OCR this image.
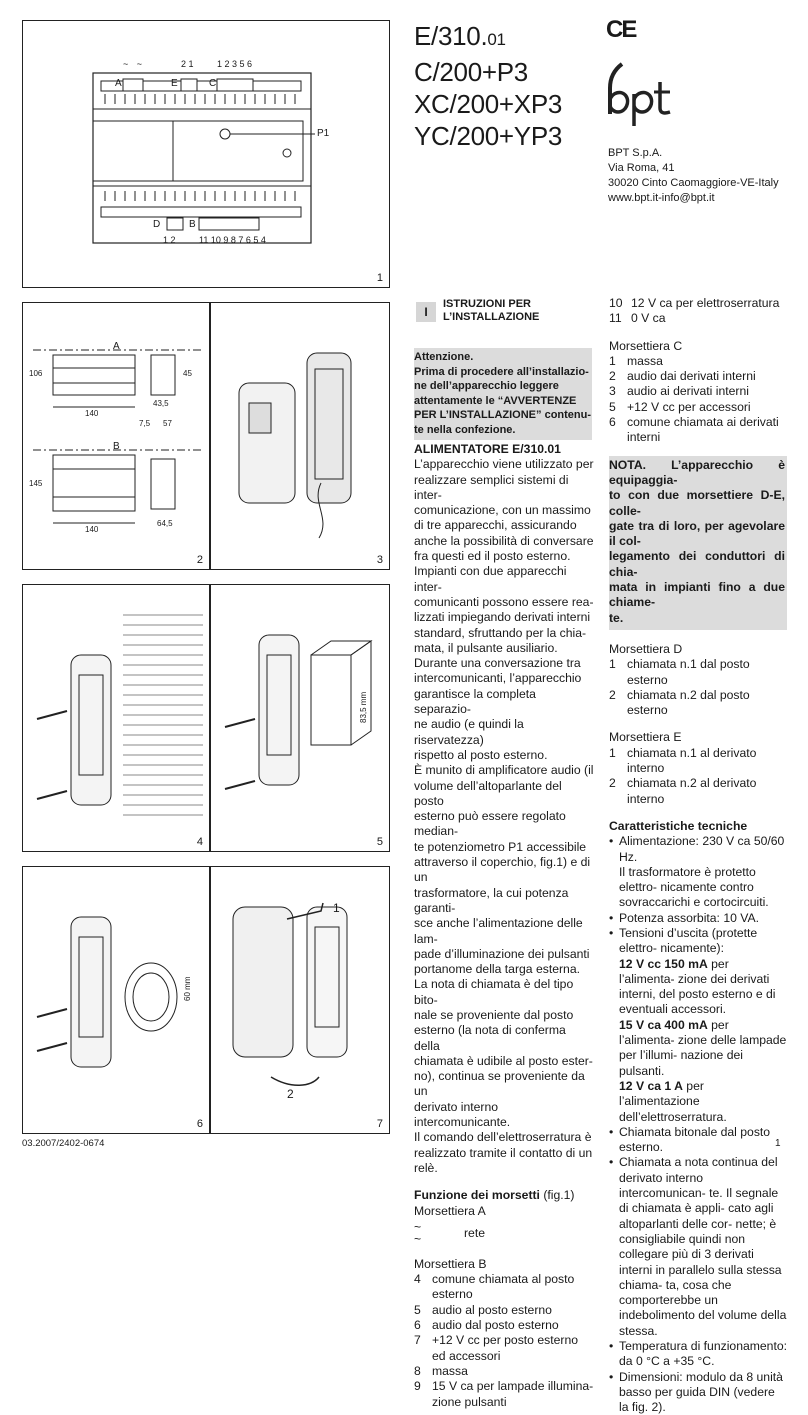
E/310.01
C/200+P3
XC/200+XP3
YC/200+YP3
CE
BPT S.p.A.
Via Roma, 41
30020 Cinto Caomaggiore-VE-Italy
www.bpt.it-info@bpt.it
A	E	C
~ ~	2 1	1 2 3 5 6
P1
D	B
1 2	11 10 9 8 7 6 5 4
1
A
B
106	45
140
43,5
7,5 57
145
140
64,5
2	3
4
83,5 mm
5
60 mm
6
1
2
7
I
ISTRUZIONI PER
L’INSTALLAZIONE
Attenzione.
Prima di procedere all’installazio-
ne dell’apparecchio leggere
attentamente le “AVVERTENZE
PER L’INSTALLAZIONE” contenu-
te nella confezione.

ALIMENTATORE E/310.01

L’apparecchio viene utilizzato per
realizzare semplici sistemi di inter-
comunicazione, con un massimo
di tre apparecchi, assicurando
anche la possibilità di conversare
fra questi ed il posto esterno.
Impianti con due apparecchi inter-
comunicanti possono essere rea-
lizzati impiegando derivati interni
standard, sfruttando per la chia-
mata, il pulsante ausiliario.
Durante una conversazione tra
intercomunicanti, l’apparecchio
garantisce la completa separazio-
ne audio (e quindi la riservatezza)
rispetto al posto esterno.
È munito di amplificatore audio (il
volume dell’altoparlante del posto
esterno può essere regolato median-
te potenziometro P1 accessibile
attraverso il coperchio, fig.1) e di un
trasformatore, la cui potenza garanti-
sce anche l’alimentazione delle lam-
pade d’illuminazione dei pulsanti
portanome della targa esterna.
La nota di chiamata è del tipo bito-
nale se proveniente dal posto
esterno (la nota di conferma della
chiamata è udibile al posto ester-
no), continua se proveniente da un
derivato interno intercomunicante.
Il comando dell’elettroserratura è
realizzato tramite il contatto di un
relè.
Funzione dei morsetti (fig.1)
Morsettiera A
~
~	rete
Morsettiera B
4 comune chiamata al posto esterno
5 audio al posto esterno
6 audio dal posto esterno
7 +12 V cc per posto esterno ed accessori
8 massa
9 15 V ca per lampade illumina- zione pulsanti
10 12 V ca per elettroserratura
11 0 V ca
Morsettiera C
1 massa
2 audio dai derivati interni
3 audio ai derivati interni
5 +12 V cc per accessori
6 comune chiamata ai derivati interni
NOTA. L’apparecchio è equipaggia-
to con due morsettiere D-E, colle-
gate tra di loro, per agevolare il col-
legamento dei conduttori di chia-
mata in impianti fino a due chiame-
te.
Morsettiera D
1 chiamata n.1 dal posto esterno
2 chiamata n.2 dal posto esterno
Morsettiera E
1 chiamata n.1 al derivato interno
2 chiamata n.2 al derivato interno
Caratteristiche tecniche
• Alimentazione: 230 V ca 50/60 Hz.
Il trasformatore è protetto elettro- nicamente contro sovraccarichi e cortocircuiti.
• Potenza assorbita: 10 VA.
• Tensioni d’uscita (protette elettro- nicamente):
12 V cc 150 mA per l’alimenta- zione dei derivati interni, del posto esterno e di eventuali accessori.
15 V ca 400 mA per l’alimenta- zione delle lampade per l’illumi- nazione dei pulsanti.
12 V ca 1 A per l’alimentazione dell’elettroserratura.
• Chiamata bitonale dal posto esterno.
• Chiamata a nota continua del derivato interno intercomunican- te. Il segnale di chiamata è appli- cato agli altoparlanti delle cor- nette; è consigliabile quindi non collegare più di 3 derivati interni in parallelo sulla stessa chiama- ta, cosa che comporterebbe un indebolimento del volume della stessa.
• Temperatura di funzionamento: da 0 °C a +35 °C.
• Dimensioni: modulo da 8 unità basso per guida DIN (vedere la fig. 2).
03.2007/2402-0674	1
